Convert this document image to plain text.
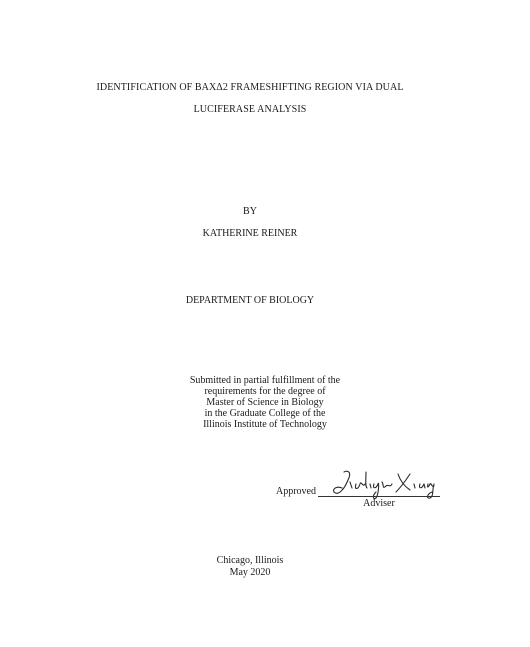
IDENTIFICATION OF BAXΔ2 FRAMESHIFTING REGION VIA DUAL
LUCIFERASE ANALYSIS
BY
KATHERINE REINER
DEPARTMENT OF BIOLOGY
Submitted in partial fulfillment of the
requirements for the degree of
Master of Science in Biology
in the Graduate College of the
Illinois Institute of Technology
Approved
Jialing Xiang
Adviser
Chicago, Illinois
May 2020
